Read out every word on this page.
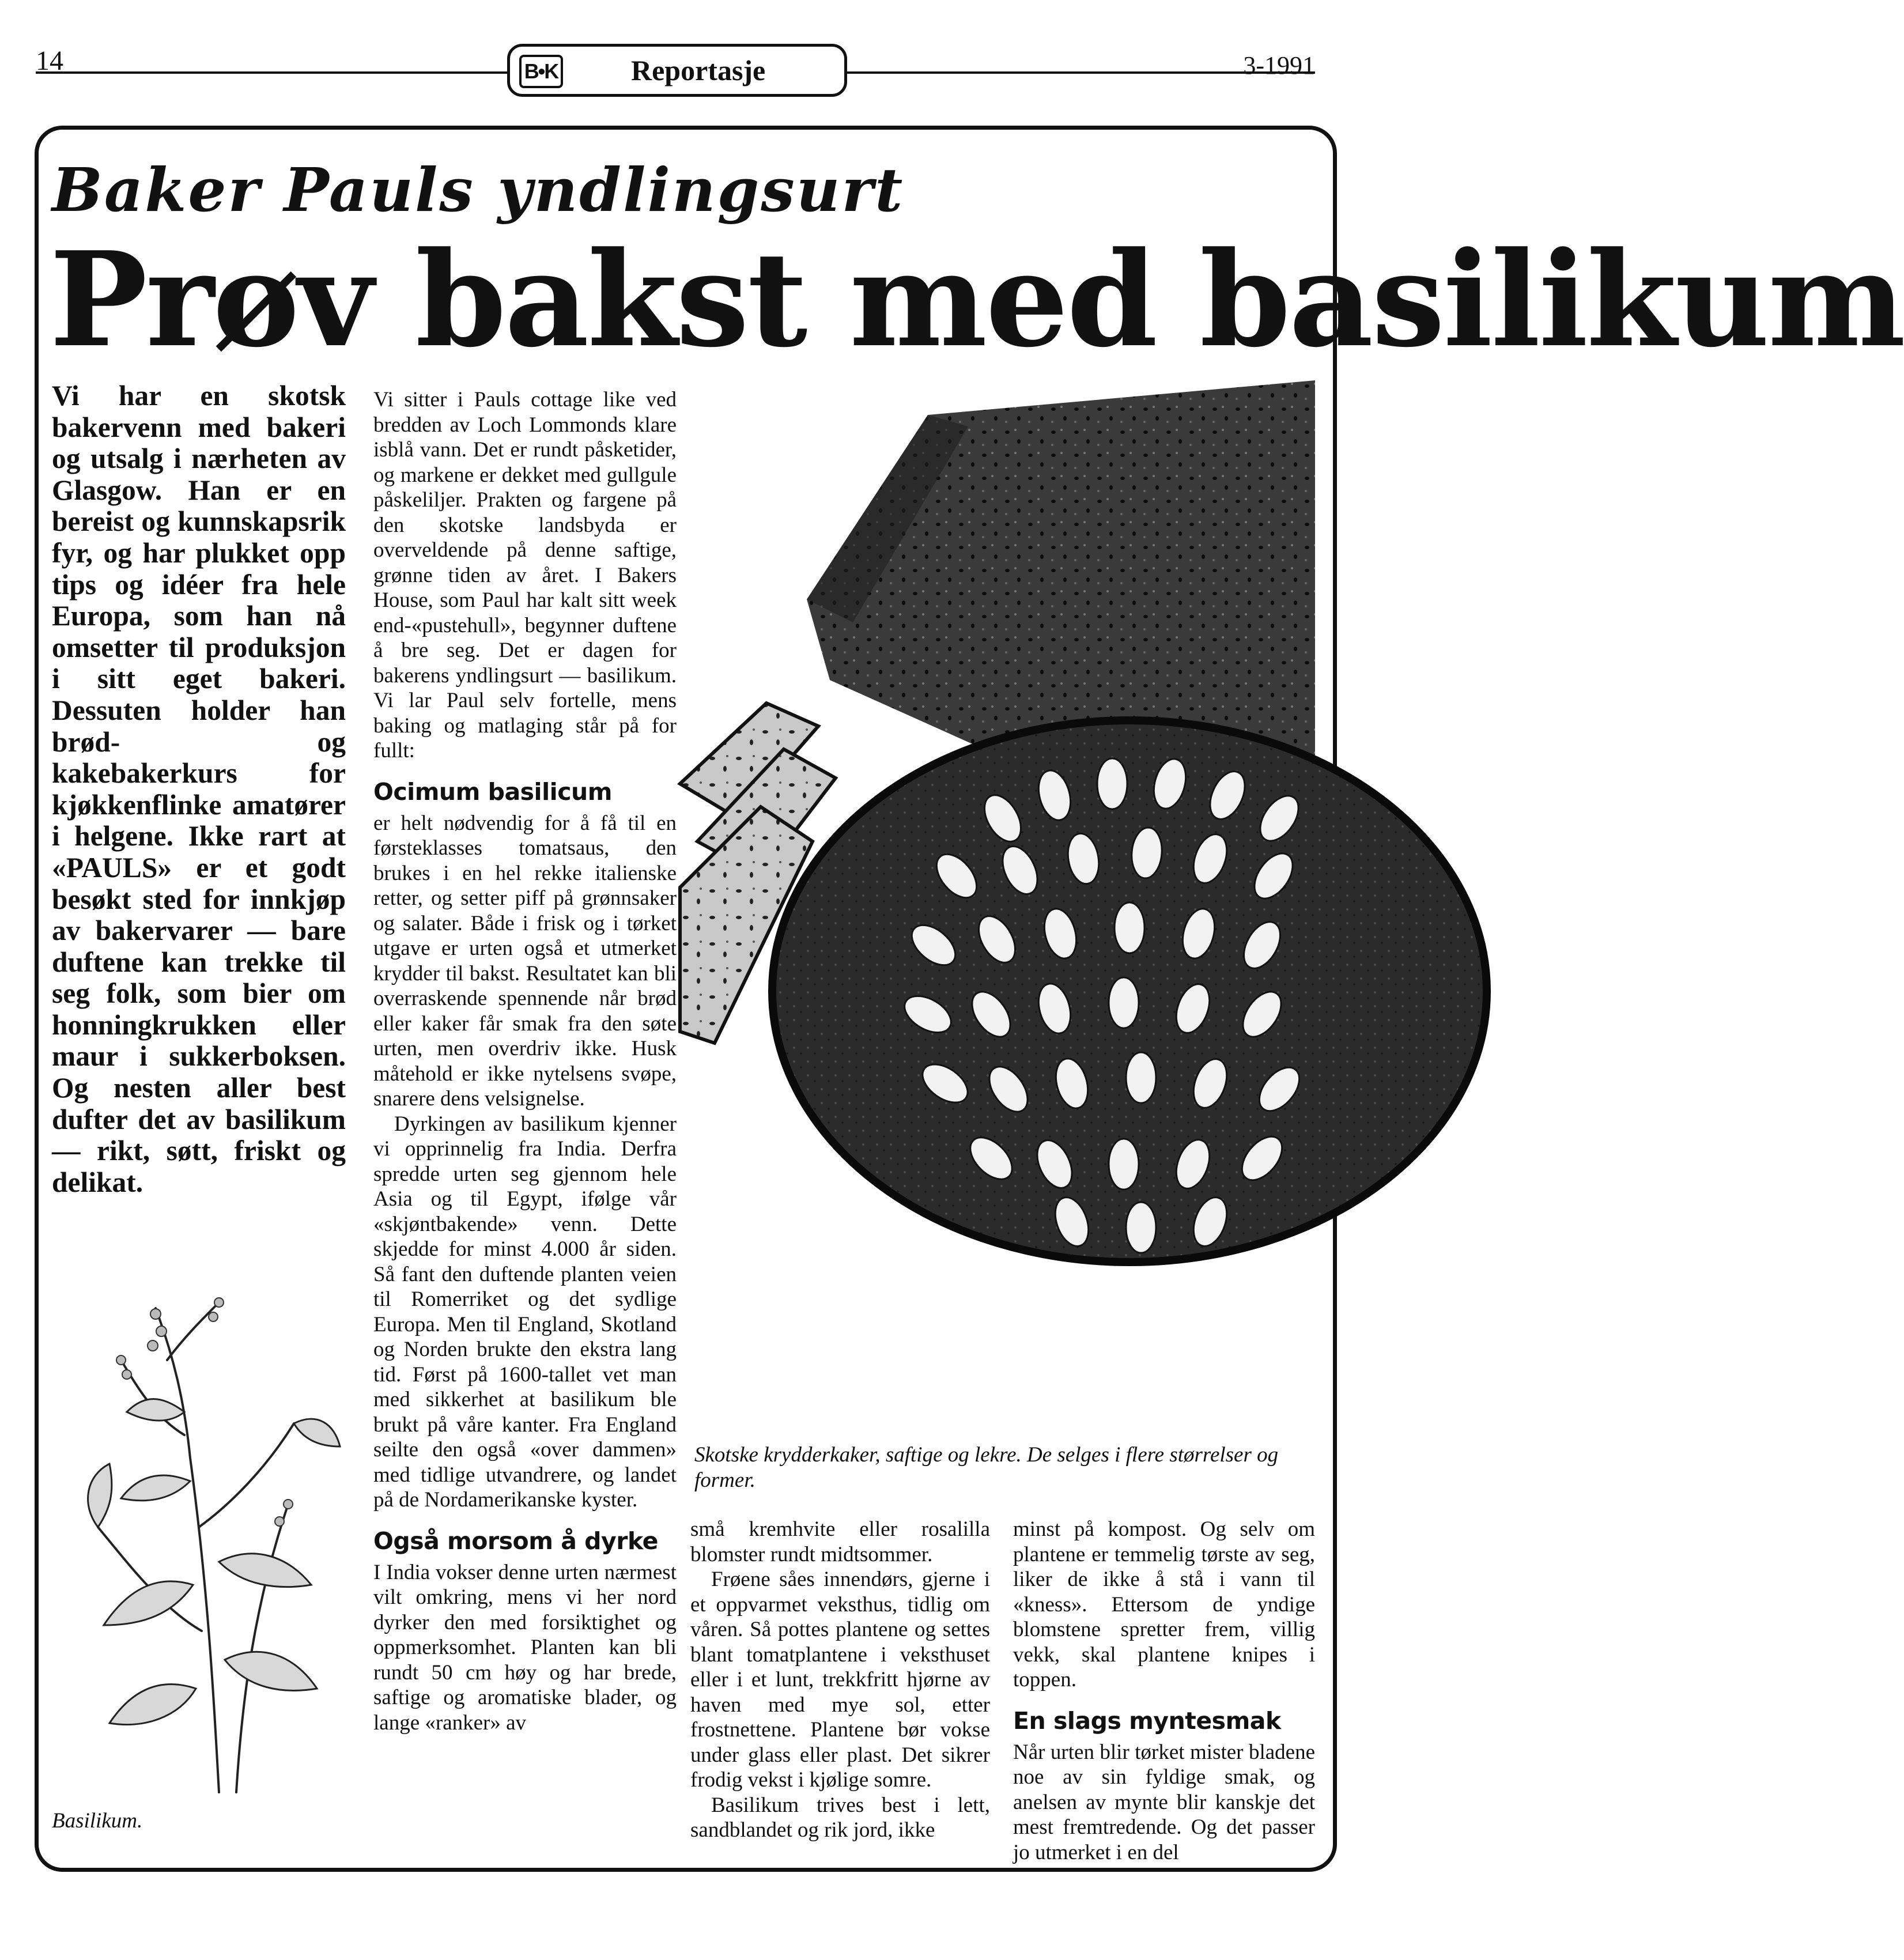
14	B•K	Reportasje	3-1991
Baker Pauls yndlingsurt
Prøv bakst med basilikum
Vi har en skotsk bakervenn med bakeri og utsalg i nærheten av Glasgow. Han er en bereist og kunnskapsrik fyr, og har plukket opp tips og idéer fra hele Europa, som han nå omsetter til produksjon i sitt eget bakeri. Dessuten holder han brød- og kakebakerkurs for kjøkkenflinke amatører i helgene. Ikke rart at «PAULS» er et godt besøkt sted for innkjøp av bakervarer — bare duftene kan trekke til seg folk, som bier om honningkrukken eller maur i sukkerboksen. Og nesten aller best dufter det av basilikum — rikt, søtt, friskt og delikat.

Vi sitter i Pauls cottage like ved bredden av Loch Lommonds klare isblå vann. Det er rundt påsketider, og markene er dekket med gullgule påskeliljer. Prakten og fargene på den skotske landsbyda er overveldende på denne saftige, grønne tiden av året. I Bakers House, som Paul har kalt sitt week end-«pustehull», begynner duftene å bre seg. Det er dagen for bakerens yndlingsurt — basilikum. Vi lar Paul selv fortelle, mens baking og matlaging står på for fullt:

Ocimum basilicum

er helt nødvendig for å få til en førsteklasses tomatsaus, den brukes i en hel rekke italienske retter, og setter piff på grønnsaker og salater. Både i frisk og i tørket utgave er urten også et utmerket krydder til bakst. Resultatet kan bli overraskende spennende når brød eller kaker får smak fra den søte urten, men overdriv ikke. Husk måtehold er ikke nytelsens svøpe, snarere dens velsignelse.

Dyrkingen av basilikum kjenner vi opprinnelig fra India. Derfra spredde urten seg gjennom hele Asia og til Egypt, ifølge vår «skjøntbakende» venn. Dette skjedde for minst 4.000 år siden. Så fant den duftende planten veien til Romerriket og det sydlige Europa. Men til England, Skotland og Norden brukte den ekstra lang tid. Først på 1600-tallet vet man med sikkerhet at basilikum ble brukt på våre kanter. Fra England seilte den også «over dammen» med tidlige utvandrere, og landet på de Nordamerikanske kyster.

Også morsom å dyrke

I India vokser denne urten nærmest vilt omkring, mens vi her nord dyrker den med forsiktighet og oppmerksomhet. Planten kan bli rundt 50 cm høy og har brede, saftige og aromatiske blader, og lange «ranker» av

Skotske krydderkaker, saftige og lekre. De selges i flere størrelser og former.
Basilikum.

små kremhvite eller rosalilla blomster rundt midtsommer.

Frøene såes innendørs, gjerne i et oppvarmet veksthus, tidlig om våren. Så pottes plantene og settes blant tomatplantene i veksthuset eller i et lunt, trekkfritt hjørne av haven med mye sol, etter frostnettene. Plantene bør vokse under glass eller plast. Det sikrer frodig vekst i kjølige somre.

Basilikum trives best i lett, sandblandet og rik jord, ikke

minst på kompost. Og selv om plantene er temmelig tørste av seg, liker de ikke å stå i vann til «kness». Ettersom de yndige blomstene spretter frem, villig vekk, skal plantene knipes i toppen.

En slags myntesmak

Når urten blir tørket mister bladene noe av sin fyldige smak, og anelsen av mynte blir kanskje det mest fremtredende. Og det passer jo utmerket i en del
